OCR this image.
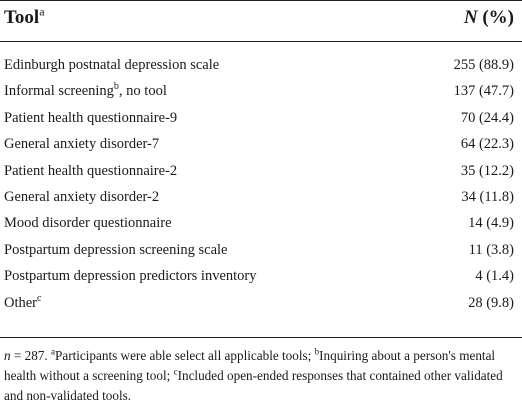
Tool$^a$	N (%)
Edinburgh postnatal depression scale	255 (88.9)
Informal screening$^b$, no tool	137 (47.7)
Patient health questionnaire-9	70 (24.4)
General anxiety disorder-7	64 (22.3)
Patient health questionnaire-2	35 (12.2)
General anxiety disorder-2	34 (11.8)
Mood disorder questionnaire	14 (4.9)
Postpartum depression screening scale	11 (3.8)
Postpartum depression predictors inventory	4 (1.4)
Other$^c$	28 (9.8)
n = 287. $^a$Participants were able select all applicable tools; $^b$Inquiring about a person's mental health without a screening tool; $^c$Included open-ended responses that contained other validated and non-validated tools.
